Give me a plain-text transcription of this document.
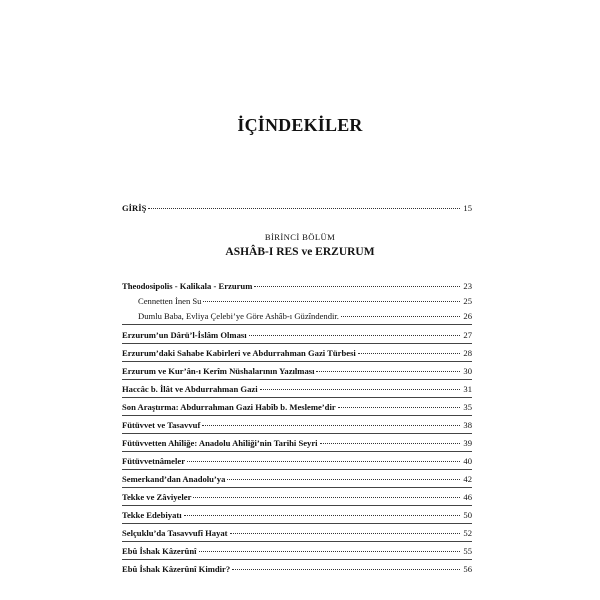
İÇİNDEKİLER
GİRİŞ	15
BİRİNCİ BÖLÜM
ASHÂB-I RES ve ERZURUM
Theodosipolis - Kalikala - Erzurum	23
Cennetten İnen Su	25
Dumlu Baba, Evliya Çelebi’ye Göre Ashâb-ı Güzîndendir.	26
Erzurum’un Dârü’l-İslâm Olması	27
Erzurum’daki Sahabe Kabirleri ve Abdurrahman Gazi Türbesi	28
Erzurum ve Kur’ân-ı Kerîm Nüshalarının Yazılması	30
Haccâc b. İlât ve Abdurrahman Gazi	31
Son Araştırma: Abdurrahman Gazi Habîb b. Mesleme’dir	35
Fütüvvet ve Tasavvuf	38
Fütüvvetten Ahîliğe: Anadolu Ahîliği’nin Tarihi Seyri	39
Fütüvvetnâmeler	40
Semerkand’dan Anadolu’ya	42
Tekke ve Zâviyeler	46
Tekke Edebiyatı	50
Selçuklu’da Tasavvufî Hayat	52
Ebû İshak Kâzerûnî	55
Ebû İshak Kâzerûnî Kimdir?	56
